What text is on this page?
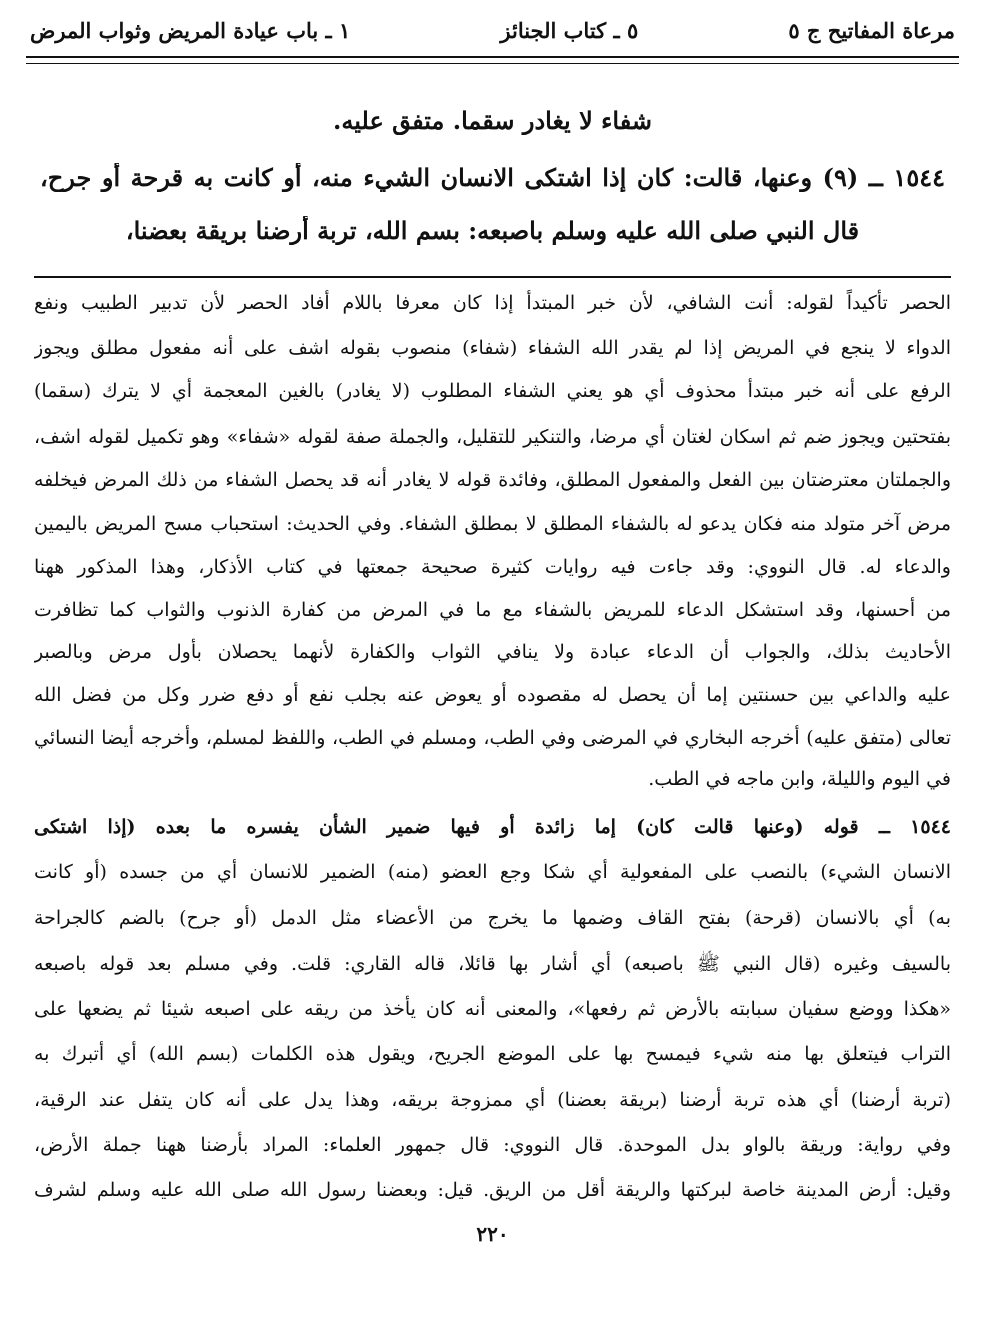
مرعاة المفاتيح ج ٥
٥ ـ كتاب الجنائز
١ ـ باب عيادة المريض وثواب المرض
شفاء لا يغادر سقما. متفق عليه.
١٥٤٤ ــ (٩) وعنها، قالت: كان إذا اشتكى الانسان الشيء منه، أو كانت به قرحة أو جرح،
قال النبي صلى الله عليه وسلم باصبعه: بسم الله، تربة أرضنا بريقة بعضنا،
الحصر تأكيداً لقوله: أنت الشافي، لأن خبر المبتدأ إذا كان معرفا باللام أفاد الحصر لأن تدبير الطبيب ونفع
الدواء لا ينجع في المريض إذا لم يقدر الله الشفاء (شفاء) منصوب بقوله اشف على أنه مفعول مطلق ويجوز
الرفع على أنه خبر مبتدأ محذوف أي هو يعني الشفاء المطلوب (لا يغادر) بالغين المعجمة أي لا يترك (سقما)
بفتحتين ويجوز ضم ثم اسكان لغتان أي مرضا، والتنكير للتقليل، والجملة صفة لقوله «شفاء» وهو تكميل لقوله اشف،
والجملتان معترضتان بين الفعل والمفعول المطلق، وفائدة قوله لا يغادر أنه قد يحصل الشفاء من ذلك المرض فيخلفه
مرض آخر متولد منه فكان يدعو له بالشفاء المطلق لا بمطلق الشفاء. وفي الحديث: استحباب مسح المريض باليمين
والدعاء له. قال النووي: وقد جاءت فيه روايات كثيرة صحيحة جمعتها في كتاب الأذكار، وهذا المذكور ههنا
من أحسنها، وقد استشكل الدعاء للمريض بالشفاء مع ما في المرض من كفارة الذنوب والثواب كما تظافرت
الأحاديث بذلك، والجواب أن الدعاء عبادة ولا ينافي الثواب والكفارة لأنهما يحصلان بأول مرض وبالصبر
عليه والداعي بين حسنتين إما أن يحصل له مقصوده أو يعوض عنه بجلب نفع أو دفع ضرر وكل من فضل الله
تعالى (متفق عليه) أخرجه البخاري في المرضى وفي الطب، ومسلم في الطب، واللفظ لمسلم، وأخرجه أيضا النسائي
في اليوم والليلة، وابن ماجه في الطب.
١٥٤٤ ــ قوله (وعنها قالت كان) إما زائدة أو فيها ضمير الشأن يفسره ما بعده (إذا اشتكى
الانسان الشيء) بالنصب على المفعولية أي شكا وجع العضو (منه) الضمير للانسان أي من جسده (أو كانت
به) أي بالانسان (قرحة) بفتح القاف وضمها ما يخرج من الأعضاء مثل الدمل (أو جرح) بالضم كالجراحة
بالسيف وغيره (قال النبي ﷺ باصبعه) أي أشار بها قائلا، قاله القاري: قلت. وفي مسلم بعد قوله باصبعه
«هكذا ووضع سفيان سبابته بالأرض ثم رفعها»، والمعنى أنه كان يأخذ من ريقه على اصبعه شيئا ثم يضعها على
التراب فيتعلق بها منه شيء فيمسح بها على الموضع الجريح، ويقول هذه الكلمات (بسم الله) أي أتبرك به
(تربة أرضنا) أي هذه تربة أرضنا (بريقة بعضنا) أي ممزوجة بريقه، وهذا يدل على أنه كان يتفل عند الرقية،
وفي رواية: وريقة بالواو بدل الموحدة. قال النووي: قال جمهور العلماء: المراد بأرضنا ههنا جملة الأرض،
وقيل: أرض المدينة خاصة لبركتها والريقة أقل من الريق. قيل: وبعضنا رسول الله صلى الله عليه وسلم لشرف
٢٢٠
